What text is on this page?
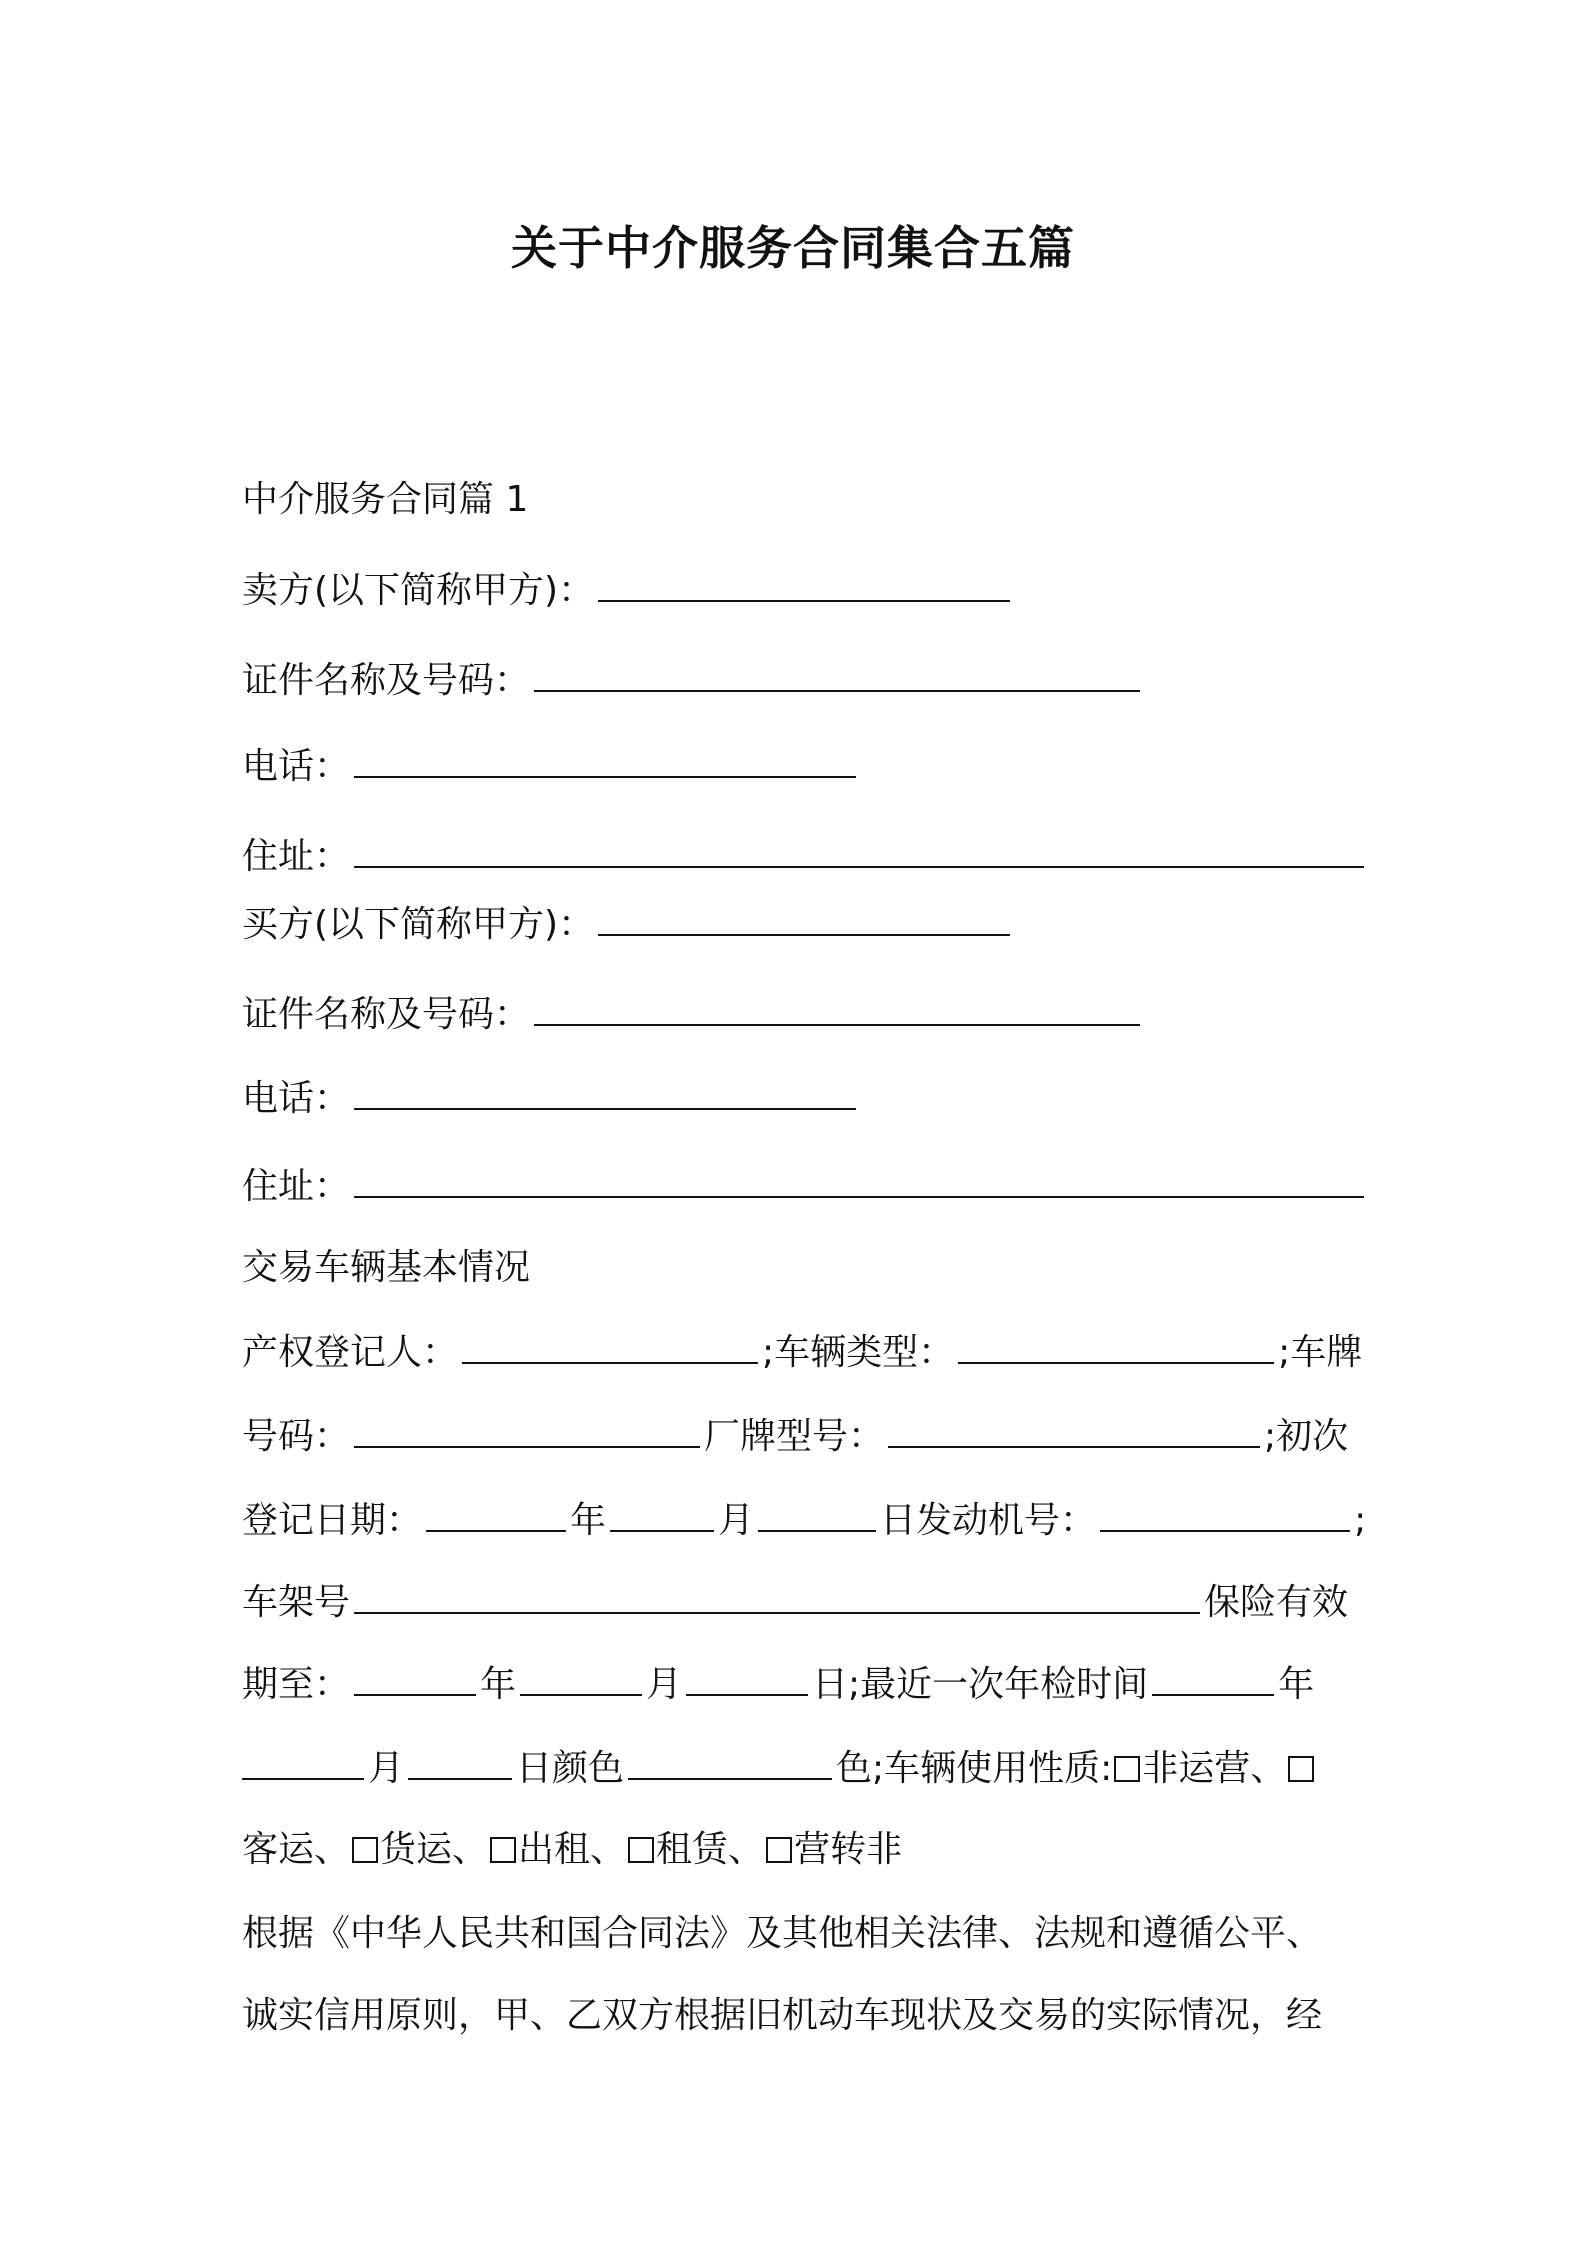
关于中介服务合同集合五篇
中介服务合同篇 1
卖方(以下简称甲方)：
证件名称及号码：
电话：
住址：
买方(以下简称甲方)：
证件名称及号码：
电话：
住址：
交易车辆基本情况
产权登记人：	;车辆类型：	;车牌
号码：	厂牌型号：	;初次
登记日期：	年	月	日发动机号：	;
车架号	保险有效
期至：	年	月	日;最近一次年检时间	年
月	日颜色	色;车辆使用性质: 非运营、
客运、 货运、 出租、 租赁、 营转非
根据《中华人民共和国合同法》及其他相关法律、法规和遵循公平、
诚实信用原则，甲、乙双方根据旧机动车现状及交易的实际情况，经
